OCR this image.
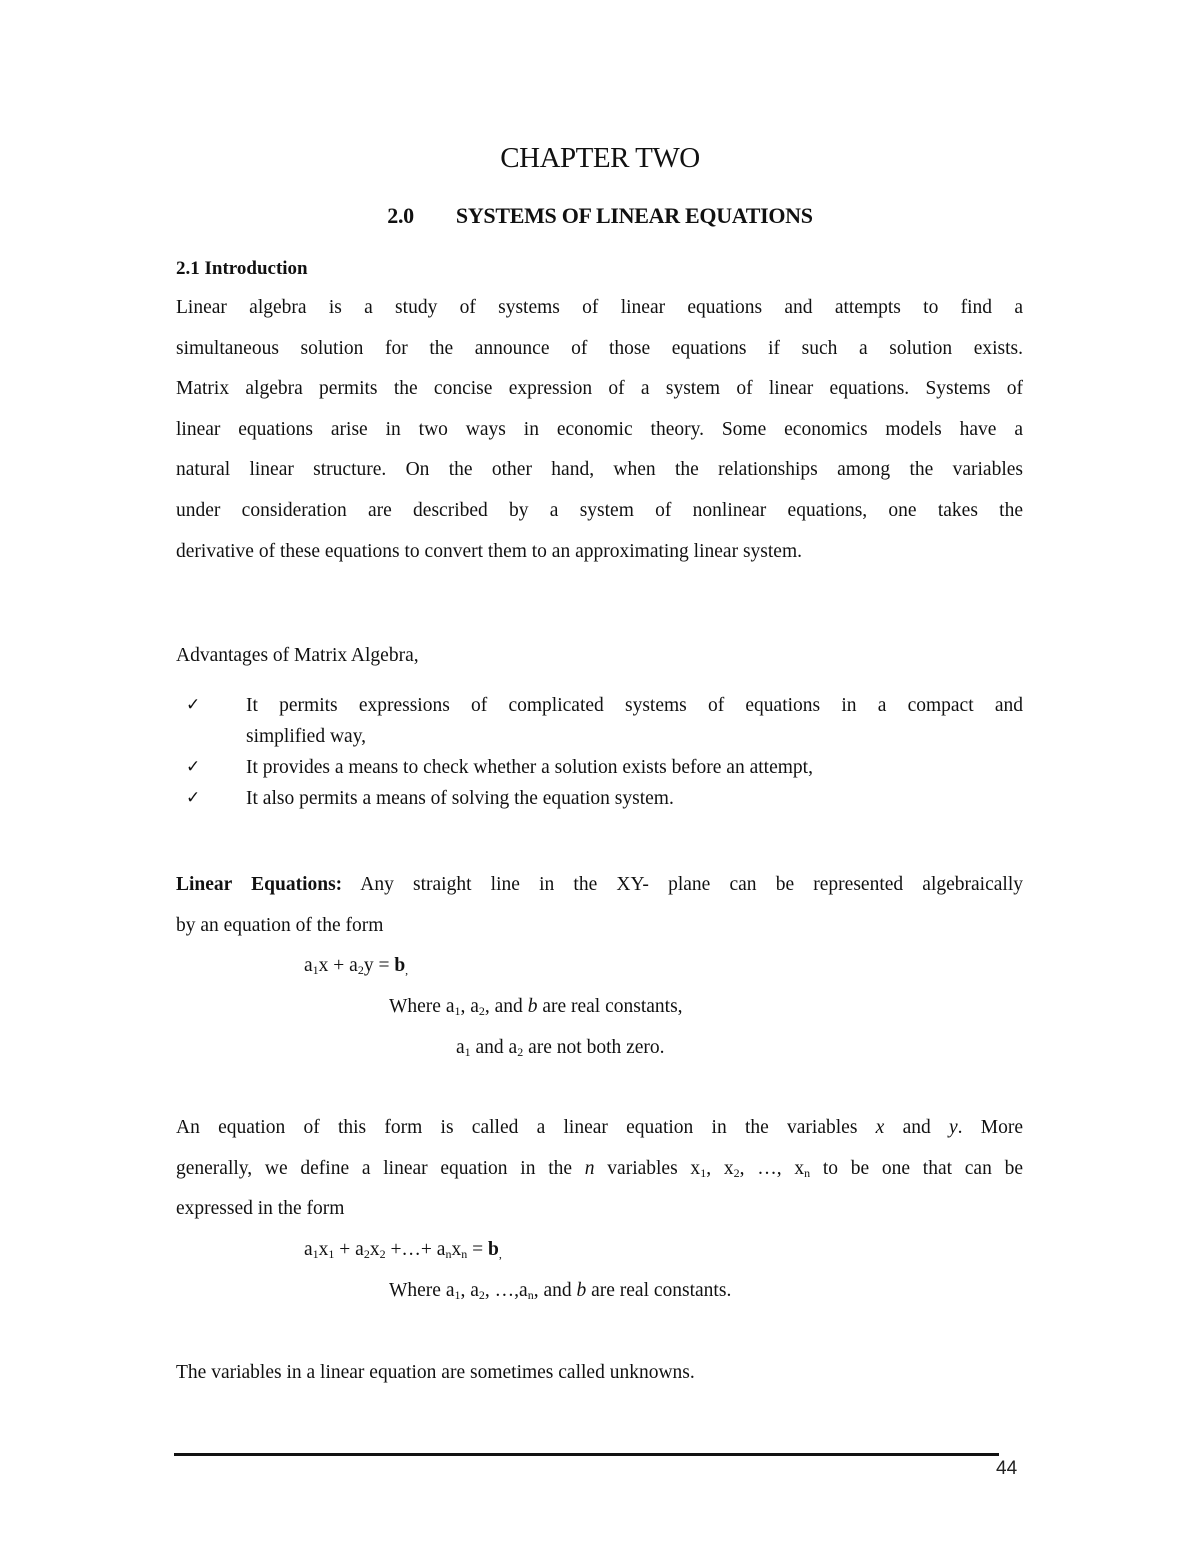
CHAPTER TWO
2.0 SYSTEMS OF LINEAR EQUATIONS
2.1 Introduction
Linear algebra is a study of systems of linear equations and attempts to find a
simultaneous solution for the announce of those equations if such a solution exists.
Matrix algebra permits the concise expression of a system of linear equations. Systems of
linear equations arise in two ways in economic theory. Some economics models have a
natural linear structure. On the other hand, when the relationships among the variables
under consideration are described by a system of nonlinear equations, one takes the
derivative of these equations to convert them to an approximating linear system.
Advantages of Matrix Algebra,
✓ It permits expressions of complicated systems of equations in a compact and
simplified way,
✓ It provides a means to check whether a solution exists before an attempt,
✓ It also permits a means of solving the equation system.
Linear Equations: Any straight line in the XY- plane can be represented algebraically
by an equation of the form
$a_1x + a_2y = b_,$
Where $a_1$, $a_2$, and b are real constants,
$a_1$ and $a_2$ are not both zero.
An equation of this form is called a linear equation in the variables x and y. More
generally, we define a linear equation in the n variables $x_1$, $x_2$, …, $x_n$ to be one that can be
expressed in the form
$a_1x_1 + a_2x_2$ +…+ $a_nx_n = b_,$
Where $a_1$, $a_2$, $\dots,a_n$, and b are real constants.
The variables in a linear equation are sometimes called unknowns.
44
